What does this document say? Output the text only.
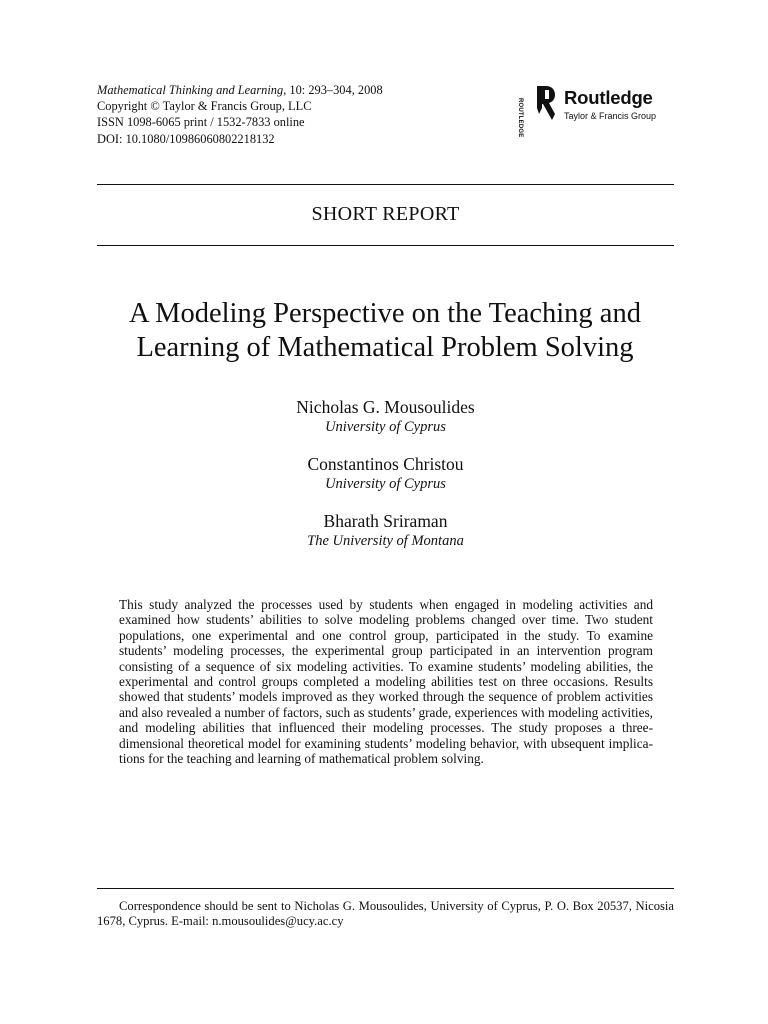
Mathematical Thinking and Learning, 10: 293–304, 2008
Copyright © Taylor & Francis Group, LLC
ISSN 1098-6065 print / 1532-7833 online
DOI: 10.1080/10986060802218132
ROUTLEDGE
Routledge
Taylor & Francis Group
SHORT REPORT
A Modeling Perspective on the Teaching and
Learning of Mathematical Problem Solving
Nicholas G. Mousoulides
University of Cyprus
Constantinos Christou
University of Cyprus
Bharath Sriraman
The University of Montana
This study analyzed the processes used by students when engaged in modeling activities and examined how students’ abilities to solve modeling problems changed over time. Two student populations, one experimental and one control group, participated in the study. To examine students’ modeling processes, the experimental group participated in an intervention program consisting of a sequence of six modeling activities. To examine students’ modeling abilities, the experimental and control groups completed a modeling abilities test on three occasions. Results showed that students’ models improved as they worked through the sequence of problem activities and also revealed a number of factors, such as students’ grade, experiences with modeling activities, and modeling abilities that influenced their modeling processes. The study proposes a three-dimensional theoretical model for examining students’ modeling behavior, with ubsequent implications for the teaching and learning of mathematical problem solving.
Correspondence should be sent to Nicholas G. Mousoulides, University of Cyprus, P. O. Box 20537, Nicosia 1678, Cyprus. E-mail: n.mousoulides@ucy.ac.cy
